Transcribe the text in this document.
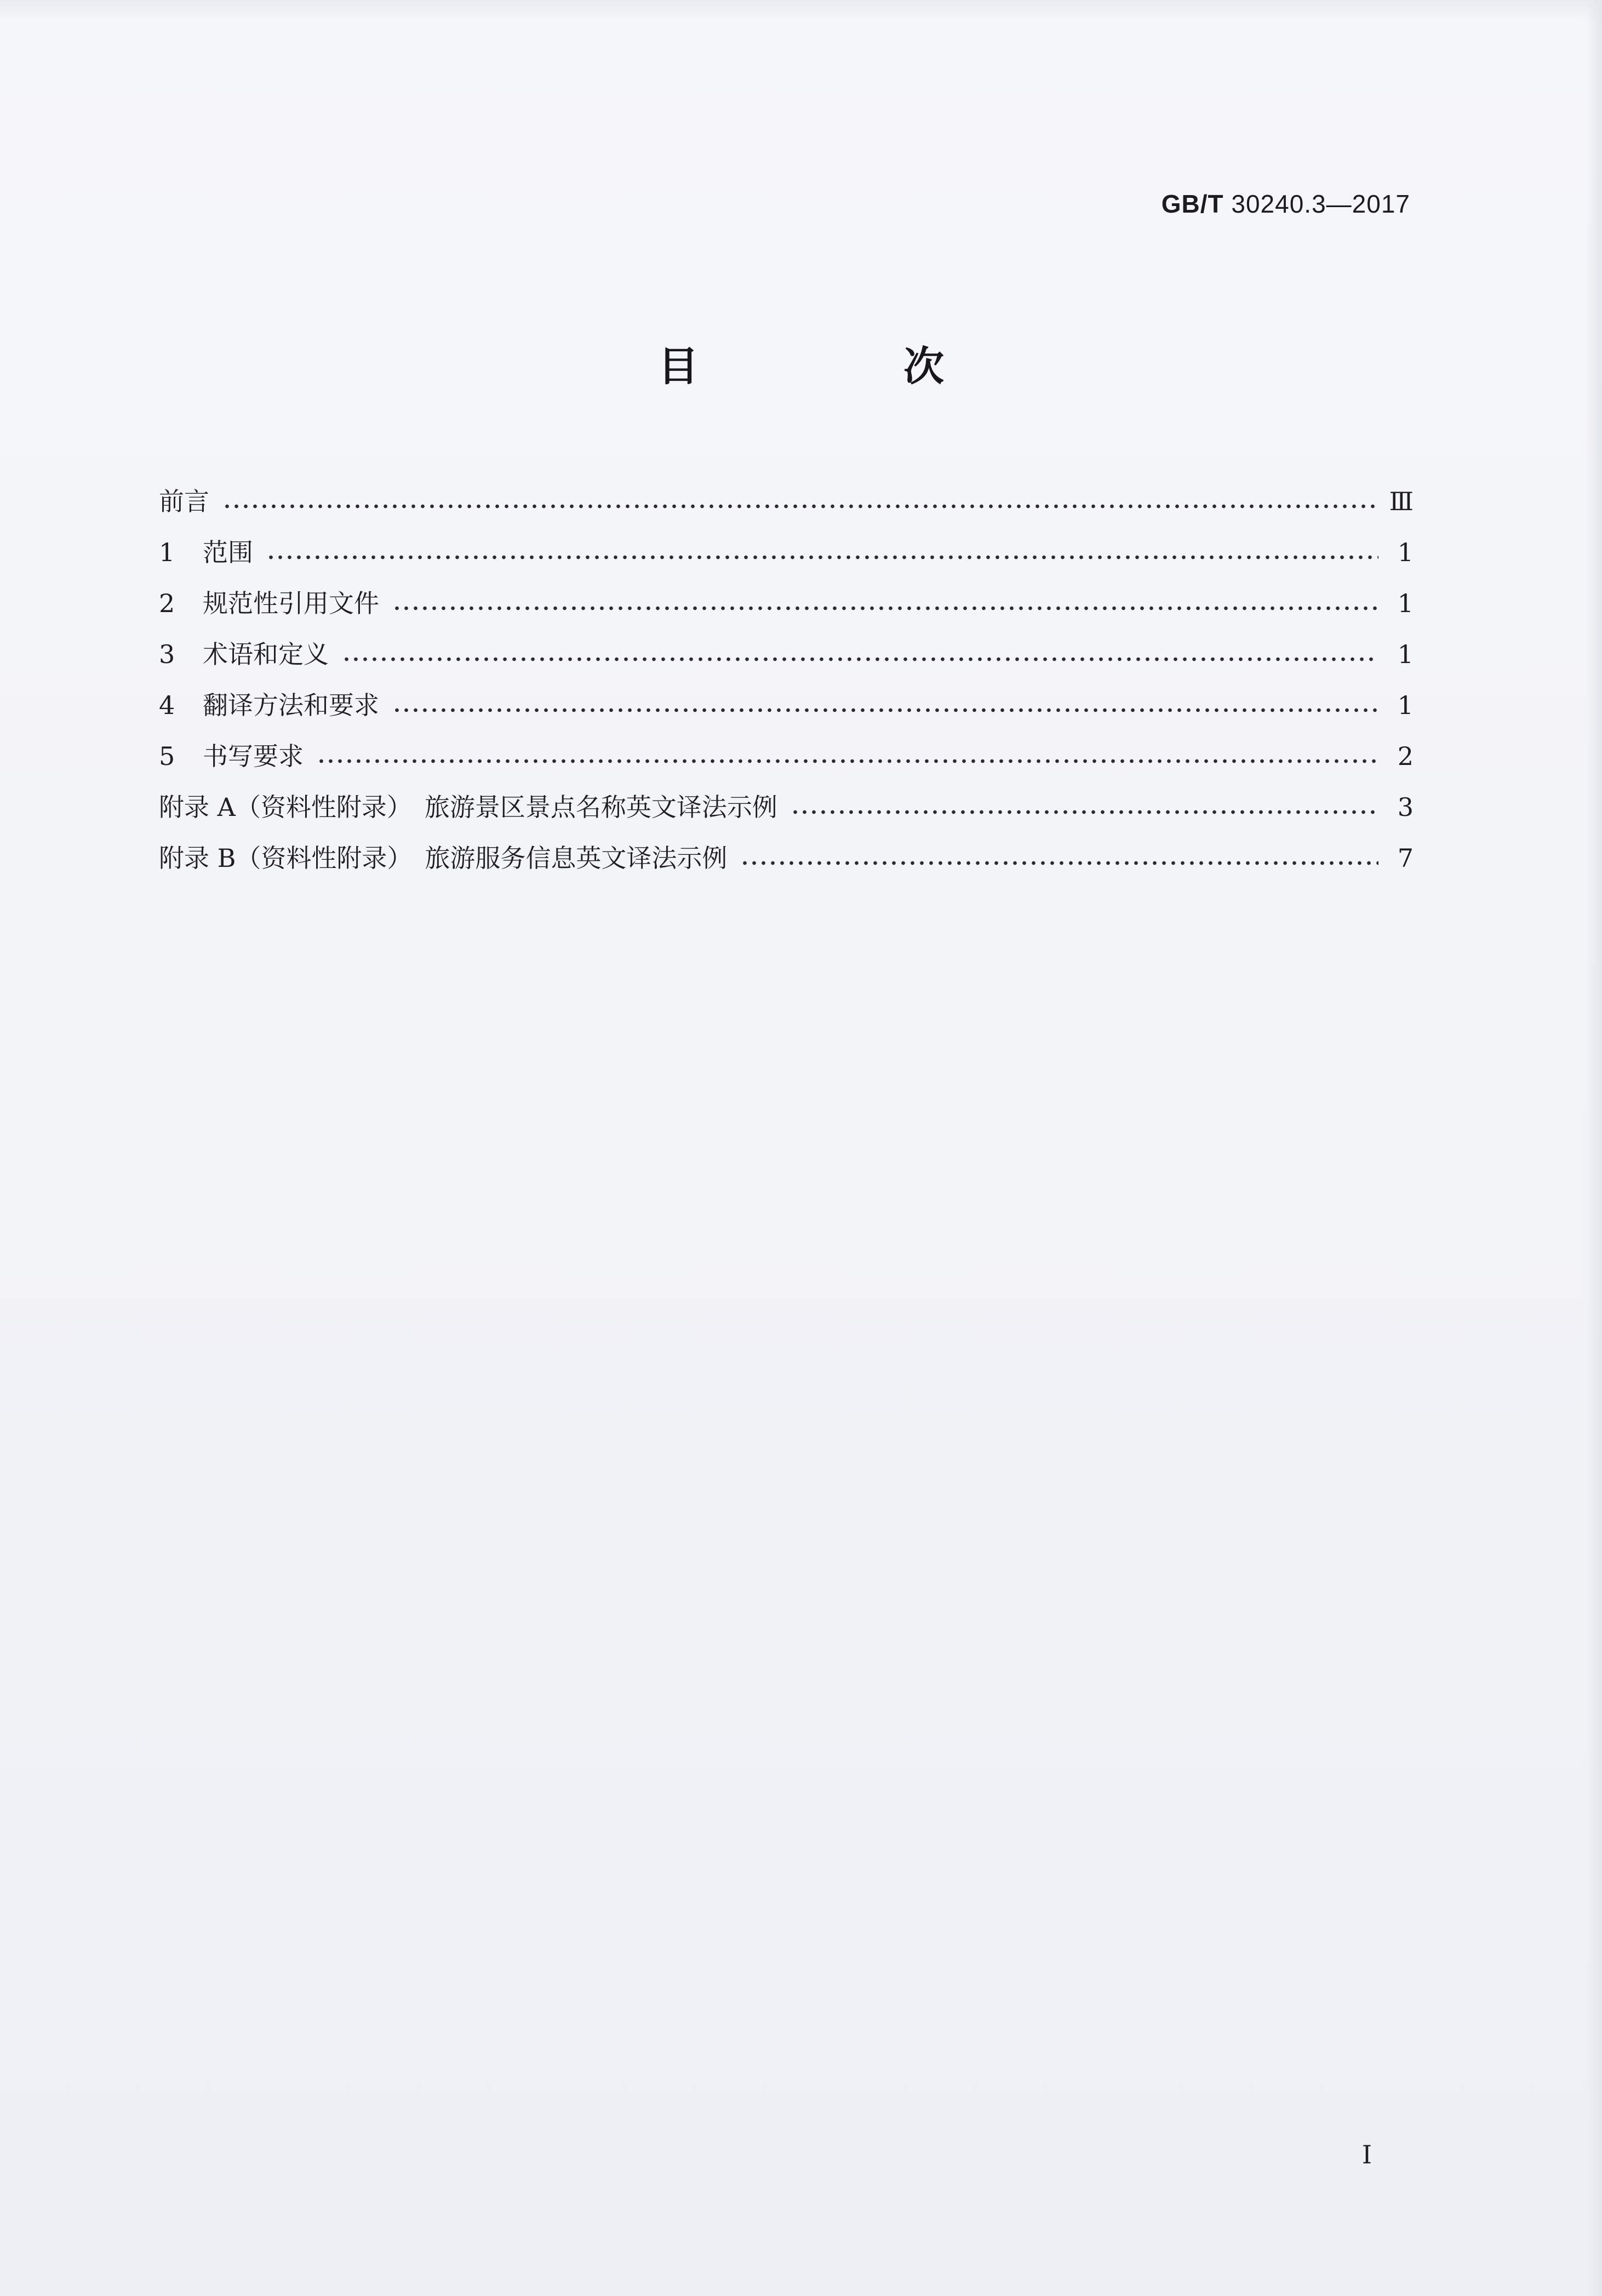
GB/T 30240.3—2017
目　次
前言	Ⅲ
1 范围	1
2 规范性引用文件	1
3 术语和定义	1
4 翻译方法和要求	1
5 书写要求	2
附录 A（资料性附录）　旅游景区景点名称英文译法示例	3
附录 B（资料性附录）　旅游服务信息英文译法示例	7
I
